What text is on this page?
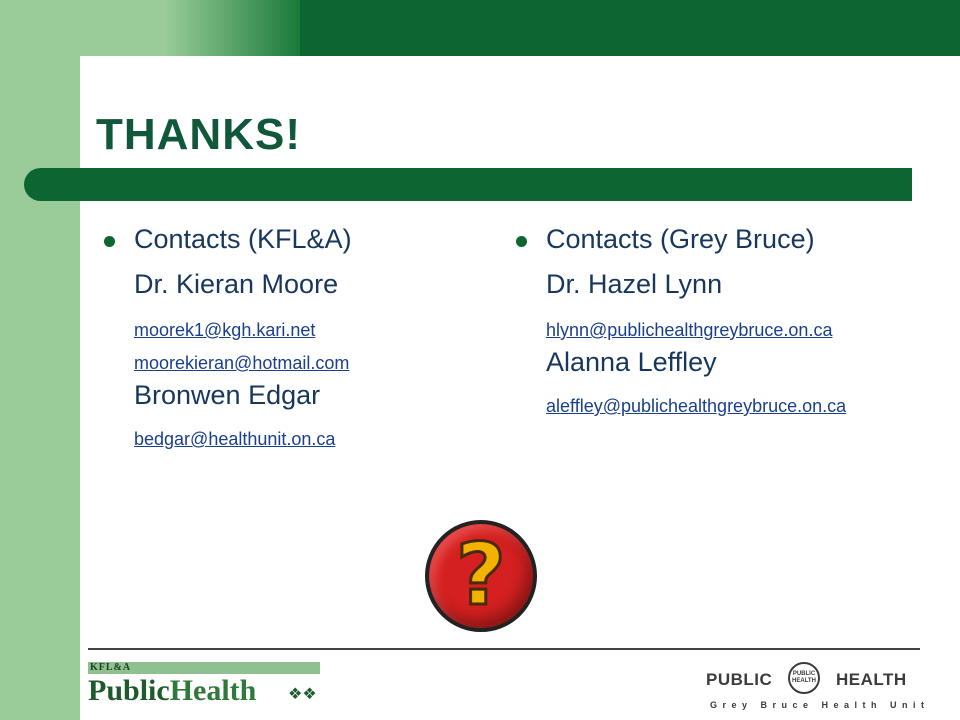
THANKS!
Contacts (KFL&A)
Dr. Kieran Moore
moorek1@kgh.kari.net
moorekieran@hotmail.com
Bronwen Edgar
bedgar@healthunit.on.ca
Contacts (Grey Bruce)
Dr. Hazel Lynn
hlynn@publichealthgreybruce.on.ca
Alanna Leffley
aleffley@publichealthgreybruce.on.ca
?
KFL&A
PublicHealth ❖❖
PUBLIC	PUBLIC HEALTH HEALTH
Grey Bruce Health Unit
